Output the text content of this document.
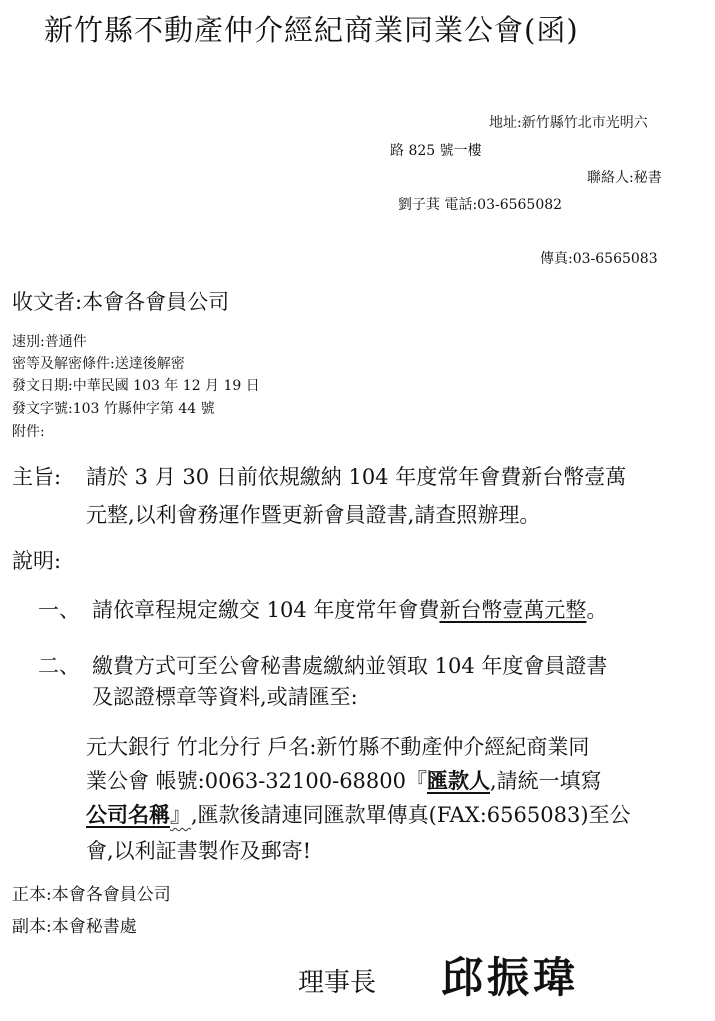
新竹縣不動產仲介經紀商業同業公會(函)
地址:新竹縣竹北市光明六
路 825 號一樓
聯絡人:秘書
劉子萁 電話:03-6565082
傳真:03-6565083
收文者:本會各會員公司
速別:普通件
密等及解密條件:送達後解密
發文日期:中華民國 103 年 12 月 19 日
發文字號:103 竹縣仲字第 44 號
附件:
主旨: 請於 3 月 30 日前依規繳納 104 年度常年會費新台幣壹萬
元整,以利會務運作暨更新會員證書,請查照辦理。
說明:
一、 請依章程規定繳交 104 年度常年會費新台幣壹萬元整。
二、 繳費方式可至公會秘書處繳納並領取 104 年度會員證書
及認證標章等資料,或請匯至:
元大銀行 竹北分行 戶名:新竹縣不動產仲介經紀商業同
業公會 帳號:0063-32100-68800『匯款人,請統一填寫
公司名稱』,匯款後請連同匯款單傳真(FAX:6565083)至公
會,以利証書製作及郵寄!
正本:本會各會員公司
副本:本會秘書處
理事長 邱振瑋
